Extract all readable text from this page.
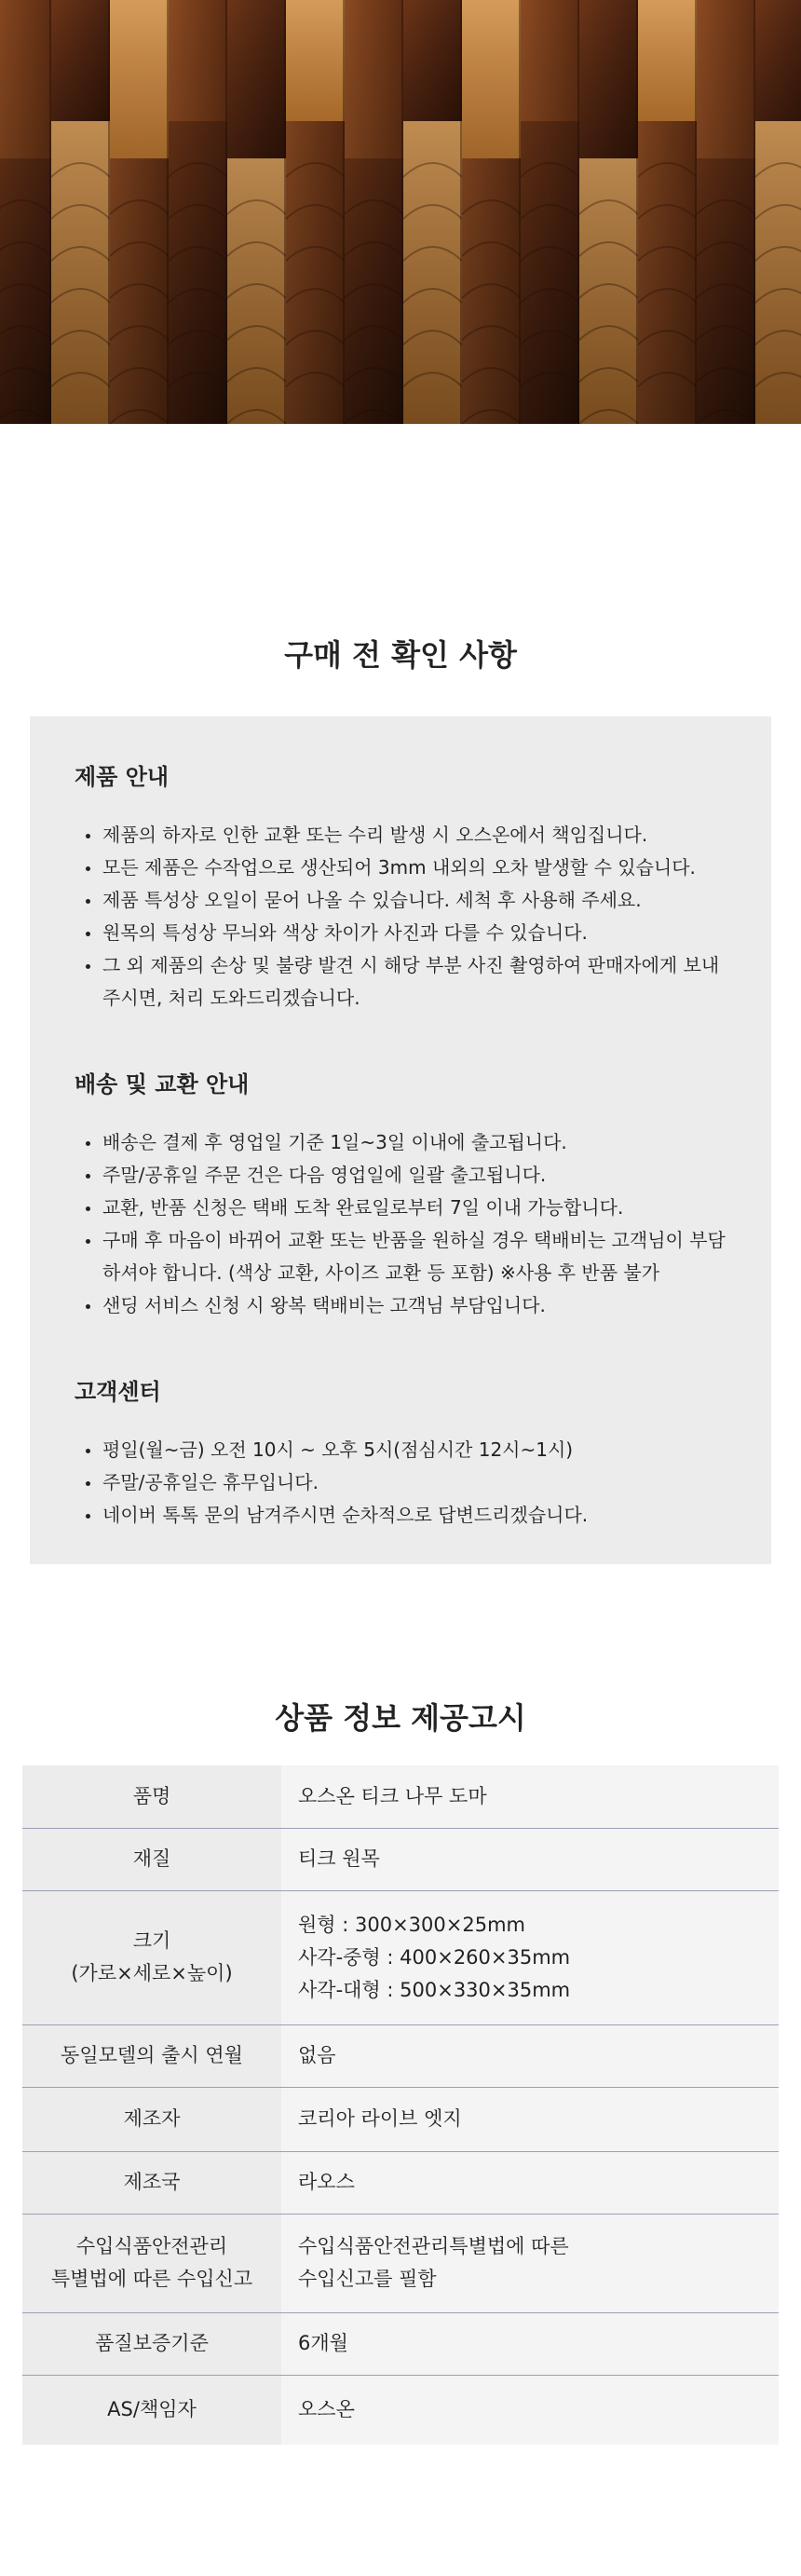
구매 전 확인 사항
제품 안내
제품의 하자로 인한 교환 또는 수리 발생 시 오스온에서 책임집니다.
모든 제품은 수작업으로 생산되어 3mm 내외의 오차 발생할 수 있습니다.
제품 특성상 오일이 묻어 나올 수 있습니다. 세척 후 사용해 주세요.
원목의 특성상 무늬와 색상 차이가 사진과 다를 수 있습니다.
그 외 제품의 손상 및 불량 발견 시 해당 부분 사진 촬영하여 판매자에게 보내주시면, 처리 도와드리겠습니다.
배송 및 교환 안내
배송은 결제 후 영업일 기준 1일~3일 이내에 출고됩니다.
주말/공휴일 주문 건은 다음 영업일에 일괄 출고됩니다.
교환, 반품 신청은 택배 도착 완료일로부터 7일 이내 가능합니다.
구매 후 마음이 바뀌어 교환 또는 반품을 원하실 경우 택배비는 고객님이 부담하셔야 합니다. (색상 교환, 사이즈 교환 등 포함) ※사용 후 반품 불가
샌딩 서비스 신청 시 왕복 택배비는 고객님 부담입니다.
고객센터
평일(월~금) 오전 10시 ~ 오후 5시(점심시간 12시~1시)
주말/공휴일은 휴무입니다.
네이버 톡톡 문의 남겨주시면 순차적으로 답변드리겠습니다.
상품 정보 제공고시
품명	오스온 티크 나무 도마
재질	티크 원목
크기
(가로×세로×높이)	원형 : 300×300×25mm
사각-중형 : 400×260×35mm
사각-대형 : 500×330×35mm
동일모델의 출시 연월	없음
제조자	코리아 라이브 엣지
제조국	라오스
수입식품안전관리
특별법에 따른 수입신고	수입식품안전관리특별법에 따른
수입신고를 필함
품질보증기준	6개월
AS/책임자	오스온
